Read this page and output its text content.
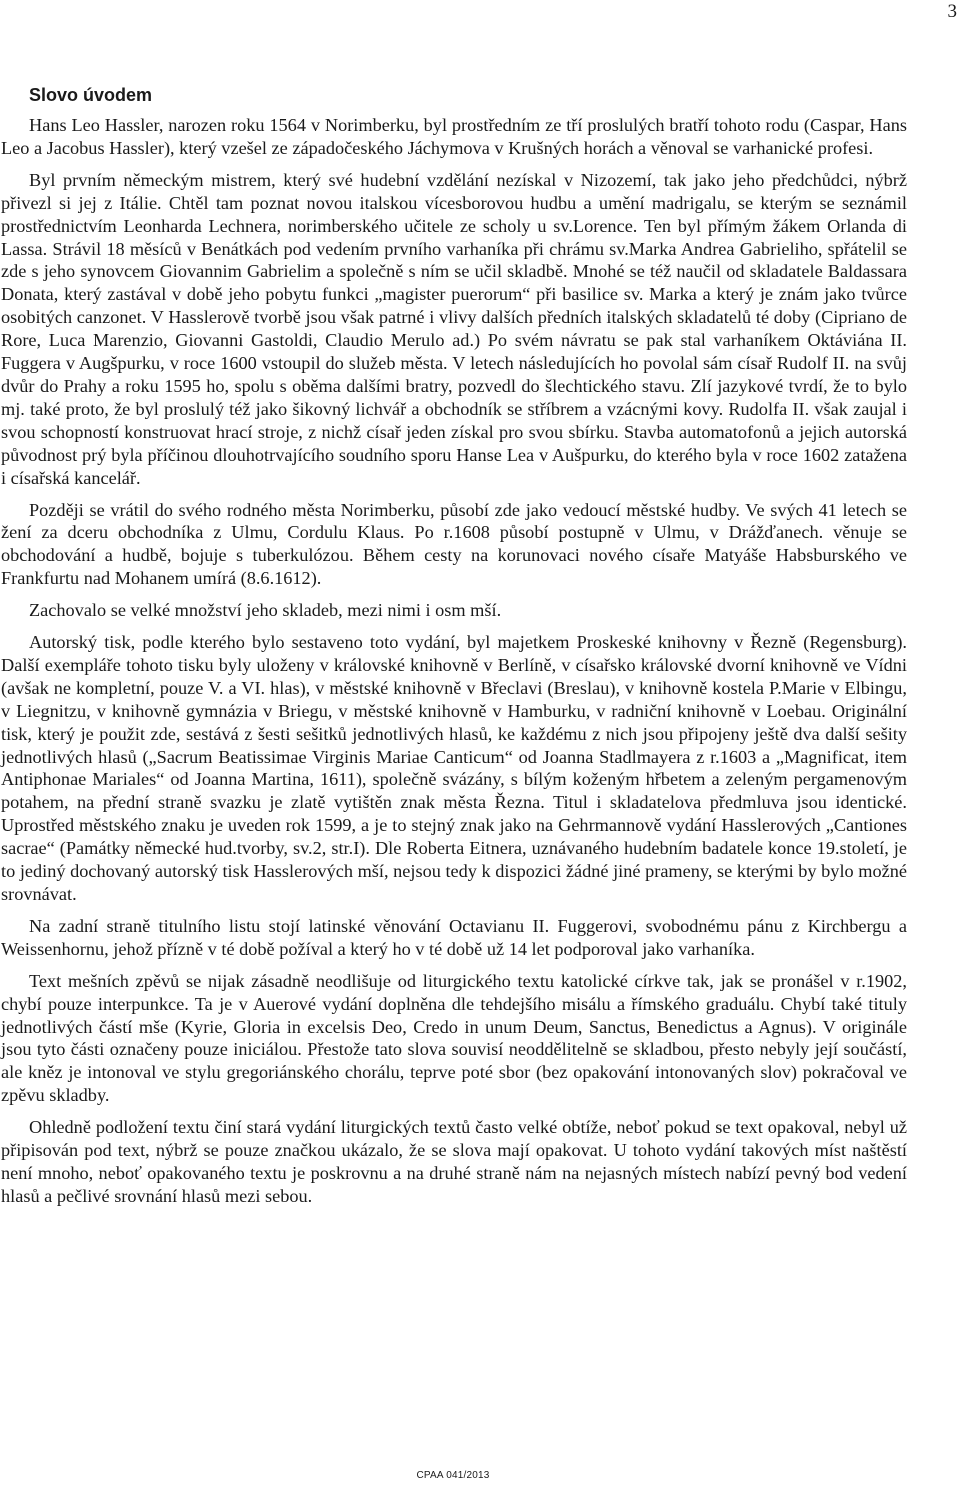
3
Slovo úvodem

Hans Leo Hassler, narozen roku 1564 v Norimberku, byl prostředním ze tří proslulých bratří tohoto rodu (Caspar, Hans Leo a Jacobus Hassler), který vzešel ze západočeského Jáchymova v Krušných horách a věnoval se varhanické profesi.

Byl prvním německým mistrem, který své hudební vzdělání nezískal v Nizozemí, tak jako jeho předchůdci, nýbrž přivezl si jej z Itálie. Chtěl tam poznat novou italskou vícesborovou hudbu a umění madrigalu, se kterým se seznámil prostřednictvím Leonharda Lechnera, norimberského učitele ze scholy u sv.Lorence. Ten byl přímým žákem Orlanda di Lassa. Strávil 18 měsíců v Benátkách pod vedením prvního varhaníka při chrámu sv.Marka Andrea Gabrieliho, spřátelil se zde s jeho synovcem Giovannim Gabrielim a společně s ním se učil skladbě. Mnohé se též naučil od skladatele Baldassara Donata, který zastával v době jeho pobytu funkci „magister puerorum“ při basilice sv. Marka a který je znám jako tvůrce osobitých canzonet. V Hasslerově tvorbě jsou však patrné i vlivy dalších předních italských skladatelů té doby (Cipriano de Rore, Luca Marenzio, Giovanni Gastoldi, Claudio Merulo ad.) Po svém návratu se pak stal varhaníkem Oktáviána II. Fuggera v Augšpurku, v roce 1600 vstoupil do služeb města. V letech následujících ho povolal sám císař Rudolf II. na svůj dvůr do Prahy a roku 1595 ho, spolu s oběma dalšími bratry, pozvedl do šlechtického stavu. Zlí jazykové tvrdí, že to bylo mj. také proto, že byl proslulý též jako šikovný lichvář a obchodník se stříbrem a vzácnými kovy. Rudolfa II. však zaujal i svou schopností konstruovat hrací stroje, z nichž císař jeden získal pro svou sbírku. Stavba automatofonů a jejich autorská původnost prý byla příčinou dlouhotrvajícího soudního sporu Hanse Lea v Aušpurku, do kterého byla v roce 1602 zatažena i císařská kancelář.

Později se vrátil do svého rodného města Norimberku, působí zde jako vedoucí městské hudby. Ve svých 41 letech se žení za dceru obchodníka z Ulmu, Cordulu Klaus. Po r.1608 působí postupně v Ulmu, v Drážďanech. věnuje se obchodování a hudbě, bojuje s tuberkulózou. Během cesty na korunovaci nového císaře Matyáše Habsburského ve Frankfurtu nad Mohanem umírá (8.6.1612).

Zachovalo se velké množství jeho skladeb, mezi nimi i osm mší.

Autorský tisk, podle kterého bylo sestaveno toto vydání, byl majetkem Proskeské knihovny v Řezně (Regensburg). Další exempláře tohoto tisku byly uloženy v královské knihovně v Berlíně, v císařsko královské dvorní knihovně ve Vídni (avšak ne kompletní, pouze V. a VI. hlas), v městské knihovně v Břeclavi (Breslau), v knihovně kostela P.Marie v Elbingu, v Liegnitzu, v knihovně gymnázia v Briegu, v městské knihovně v Hamburku, v radniční knihovně v Loebau. Originální tisk, který je použit zde, sestává z šesti sešitků jednotlivých hlasů, ke každému z nich jsou připojeny ještě dva další sešity jednotlivých hlasů („Sacrum Beatissimae Virginis Mariae Canticum“ od Joanna Stadlmayera z r.1603 a „Magnificat, item Antiphonae Mariales“ od Joanna Martina, 1611), společně svázány, s bílým koženým hřbetem a zeleným pergamenovým potahem, na přední straně svazku je zlatě vytištěn znak města Řezna. Titul i skladatelova předmluva jsou identické. Uprostřed městského znaku je uveden rok 1599, a je to stejný znak jako na Gehrmannově vydání Hasslerových „Cantiones sacrae“ (Památky německé hud.tvorby, sv.2, str.I). Dle Roberta Eitnera, uznávaného hudebním badatele konce 19.století, je to jediný dochovaný autorský tisk Hasslerových mší, nejsou tedy k dispozici žádné jiné prameny, se kterými by bylo možné srovnávat.

Na zadní straně titulního listu stojí latinské věnování Octavianu II. Fuggerovi, svobodnému pánu z Kirchbergu a Weissenhornu, jehož přízně v té době požíval a který ho v té době už 14 let podporoval jako varhaníka.

Text mešních zpěvů se nijak zásadně neodlišuje od liturgického textu katolické církve tak, jak se pronášel v r.1902, chybí pouze interpunkce. Ta je v Auerové vydání doplněna dle tehdejšího misálu a římského graduálu. Chybí také tituly jednotlivých částí mše (Kyrie, Gloria in excelsis Deo, Credo in unum Deum, Sanctus, Benedictus a Agnus). V originále jsou tyto části označeny pouze iniciálou. Přestože tato slova souvisí neoddělitelně se skladbou, přesto nebyly její součástí, ale kněz je intonoval ve stylu gregoriánského chorálu, teprve poté sbor (bez opakování intonovaných slov) pokračoval ve zpěvu skladby.

Ohledně podložení textu činí stará vydání liturgických textů často velké obtíže, neboť pokud se text opakoval, nebyl už připisován pod text, nýbrž se pouze značkou ukázalo, že se slova mají opakovat. U tohoto vydání takových míst naštěstí není mnoho, neboť opakovaného textu je poskrovnu a na druhé straně nám na nejasných místech nabízí pevný bod vedení hlasů a pečlivé srovnání hlasů mezi sebou.

CPAA 041/2013
